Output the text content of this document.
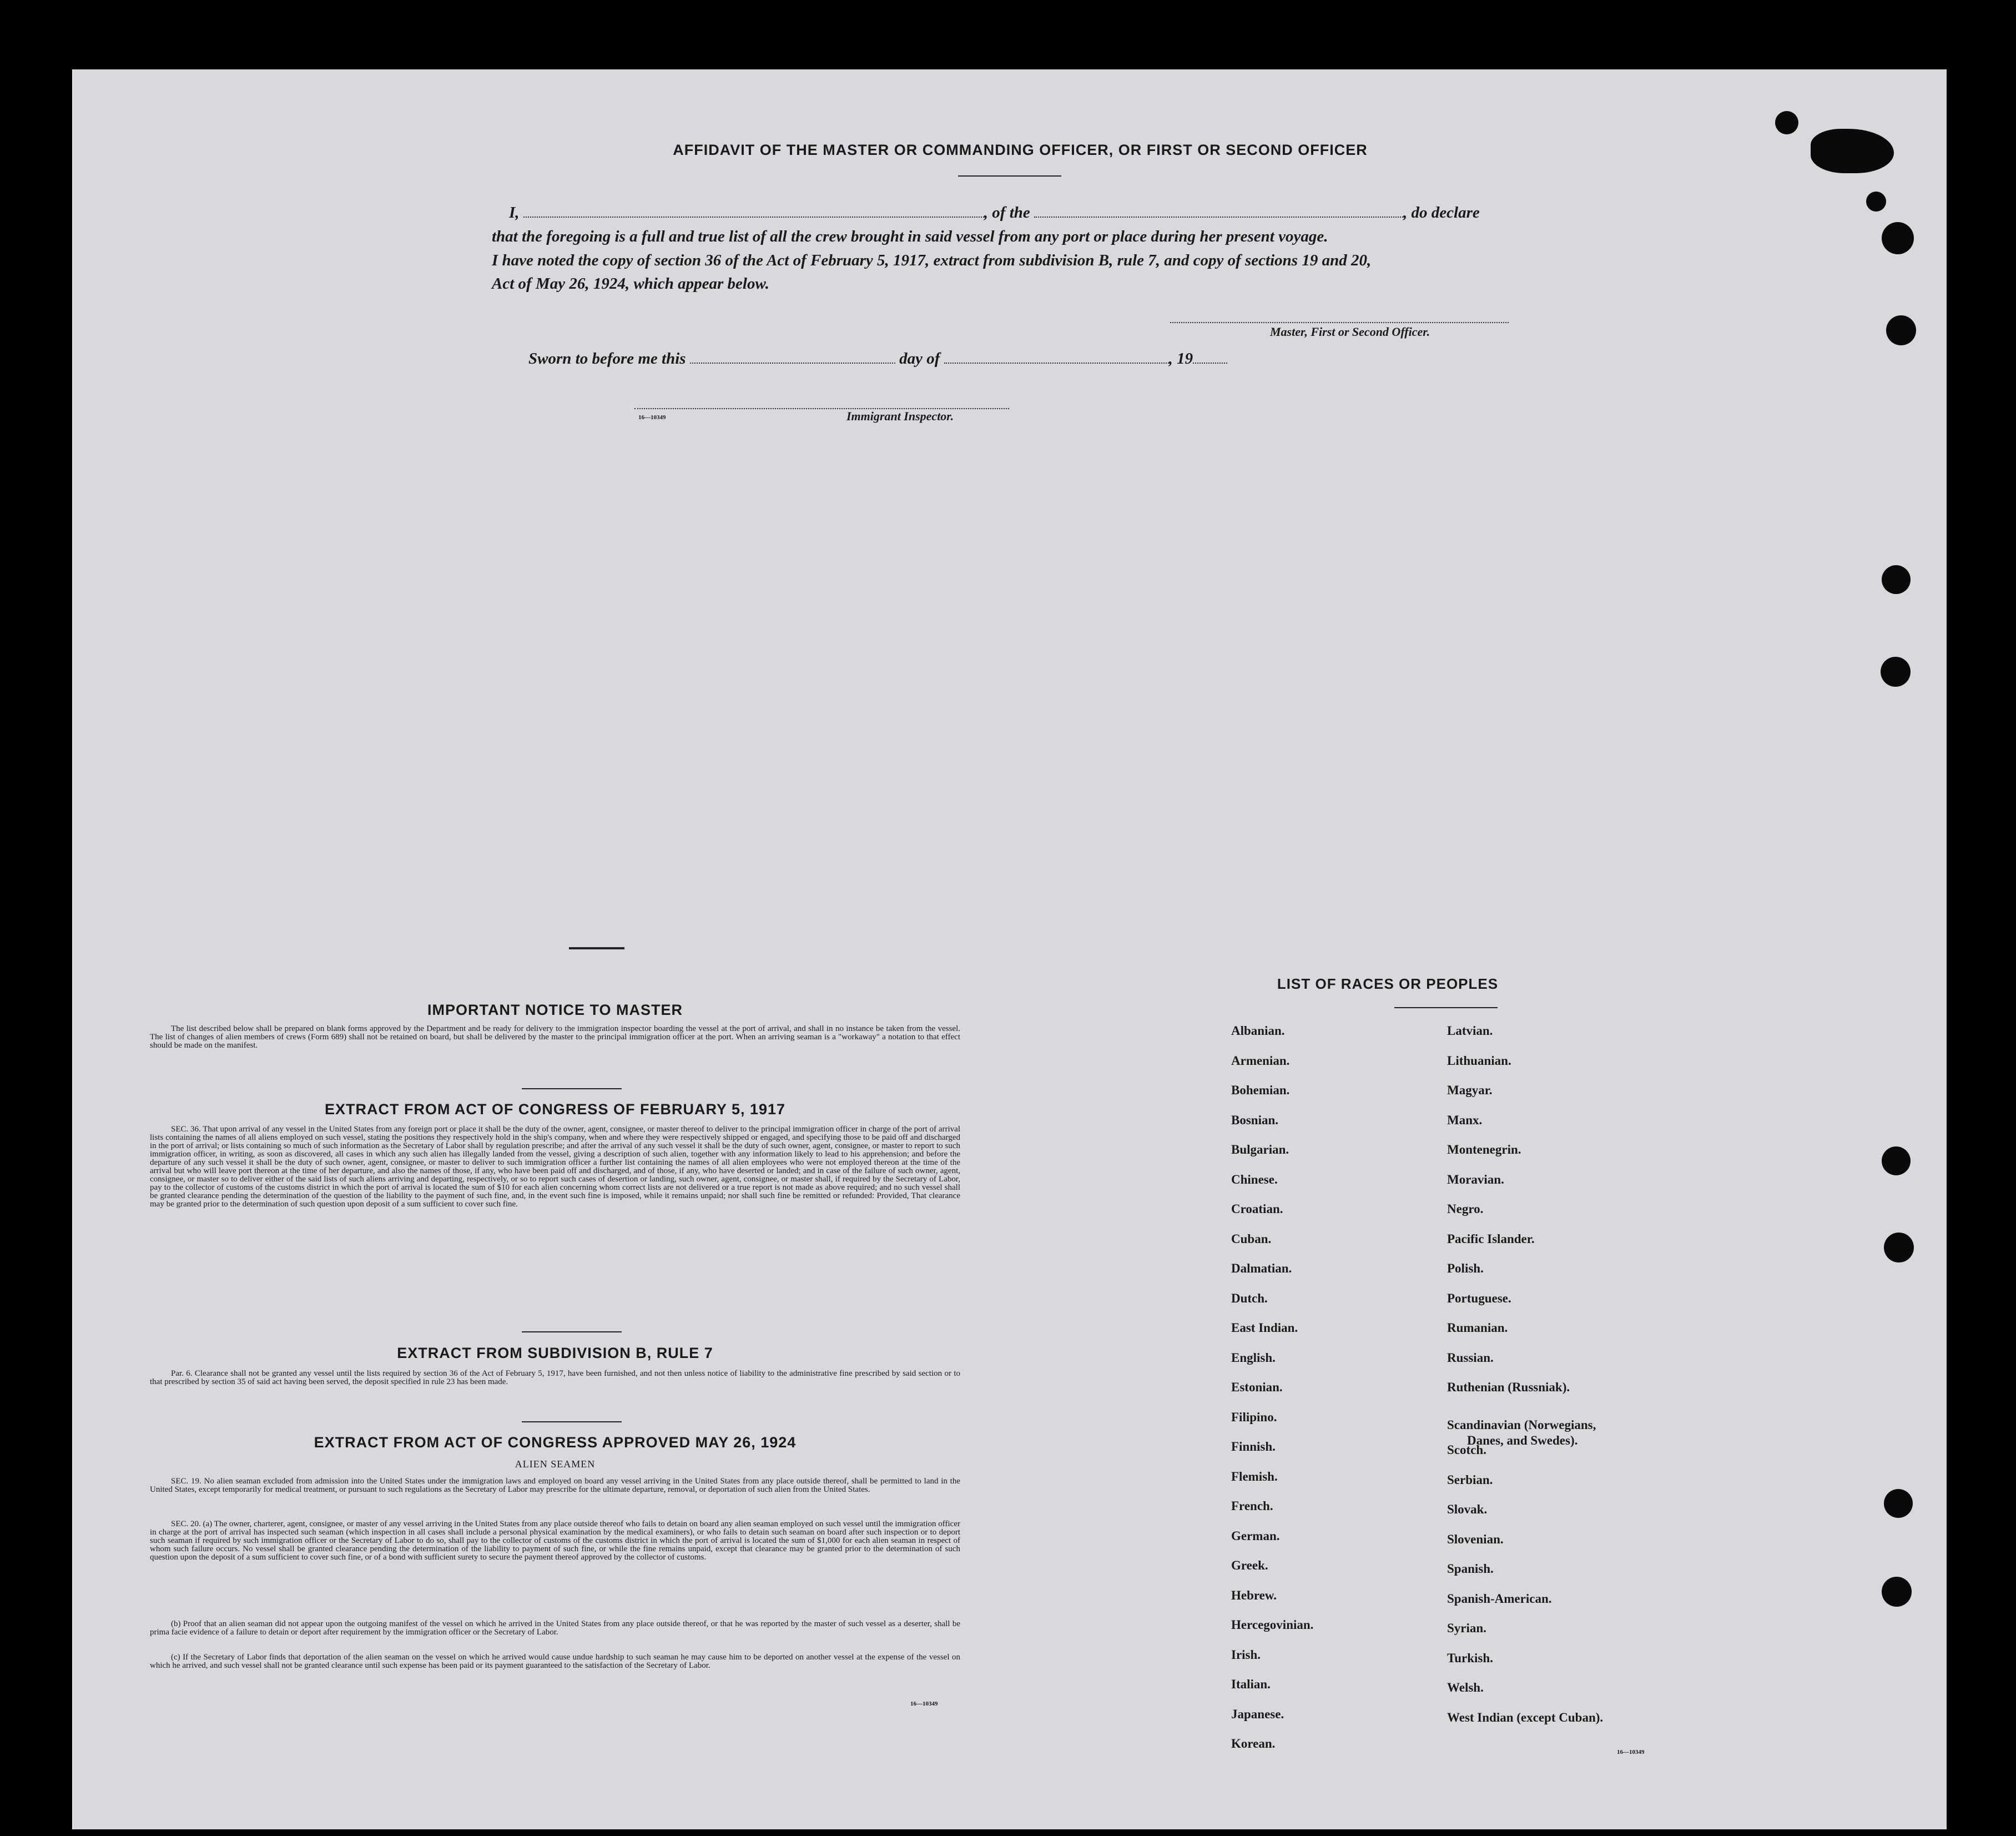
AFFIDAVIT OF THE MASTER OR COMMANDING OFFICER, OR FIRST OR SECOND OFFICER
I,	, of the	, do declare
that the foregoing is a full and true list of all the crew brought in said vessel from any port or place during her present voyage.
I have noted the copy of section 36 of the Act of February 5, 1917, extract from subdivision B, rule 7, and copy of sections 19 and 20,
Act of May 26, 1924, which appear below.
Master, First or Second Officer.
Sworn to before me this	day of	, 19
16—10349	Immigrant Inspector.
IMPORTANT NOTICE TO MASTER

The list described below shall be prepared on blank forms approved by the Department and be ready for delivery to the immigration inspector boarding the vessel at the port of arrival, and shall in no instance be taken from the vessel. The list of changes of alien members of crews (Form 689) shall not be retained on board, but shall be delivered by the master to the principal immigration officer at the port. When an arriving seaman is a "workaway" a notation to that effect should be made on the manifest.

EXTRACT FROM ACT OF CONGRESS OF FEBRUARY 5, 1917

SEC. 36. That upon arrival of any vessel in the United States from any foreign port or place it shall be the duty of the owner, agent, consignee, or master thereof to deliver to the principal immigration officer in charge of the port of arrival lists containing the names of all aliens employed on such vessel, stating the positions they respectively hold in the ship's company, when and where they were respectively shipped or engaged, and specifying those to be paid off and discharged in the port of arrival; or lists containing so much of such information as the Secretary of Labor shall by regulation prescribe; and after the arrival of any such vessel it shall be the duty of such owner, agent, consignee, or master to report to such immigration officer, in writing, as soon as discovered, all cases in which any such alien has illegally landed from the vessel, giving a description of such alien, together with any information likely to lead to his apprehension; and before the departure of any such vessel it shall be the duty of such owner, agent, consignee, or master to deliver to such immigration officer a further list containing the names of all alien employees who were not employed thereon at the time of the arrival but who will leave port thereon at the time of her departure, and also the names of those, if any, who have been paid off and discharged, and of those, if any, who have deserted or landed; and in case of the failure of such owner, agent, consignee, or master so to deliver either of the said lists of such aliens arriving and departing, respectively, or so to report such cases of desertion or landing, such owner, agent, consignee, or master shall, if required by the Secretary of Labor, pay to the collector of customs of the customs district in which the port of arrival is located the sum of $10 for each alien concerning whom correct lists are not delivered or a true report is not made as above required; and no such vessel shall be granted clearance pending the determination of the question of the liability to the payment of such fine, and, in the event such fine is imposed, while it remains unpaid; nor shall such fine be remitted or refunded: Provided, That clearance may be granted prior to the determination of such question upon deposit of a sum sufficient to cover such fine.

EXTRACT FROM SUBDIVISION B, RULE 7

Par. 6. Clearance shall not be granted any vessel until the lists required by section 36 of the Act of February 5, 1917, have been furnished, and not then unless notice of liability to the administrative fine prescribed by said section or to that prescribed by section 35 of said act having been served, the deposit specified in rule 23 has been made.

EXTRACT FROM ACT OF CONGRESS APPROVED MAY 26, 1924
ALIEN SEAMEN

SEC. 19. No alien seaman excluded from admission into the United States under the immigration laws and employed on board any vessel arriving in the United States from any place outside thereof, shall be permitted to land in the United States, except temporarily for medical treatment, or pursuant to such regulations as the Secretary of Labor may prescribe for the ultimate departure, removal, or deportation of such alien from the United States.

SEC. 20. (a) The owner, charterer, agent, consignee, or master of any vessel arriving in the United States from any place outside thereof who fails to detain on board any alien seaman employed on such vessel until the immigration officer in charge at the port of arrival has inspected such seaman (which inspection in all cases shall include a personal physical examination by the medical examiners), or who fails to detain such seaman on board after such inspection or to deport such seaman if required by such immigration officer or the Secretary of Labor to do so, shall pay to the collector of customs of the customs district in which the port of arrival is located the sum of $1,000 for each alien seaman in respect of whom such failure occurs. No vessel shall be granted clearance pending the determination of the liability to payment of such fine, or while the fine remains unpaid, except that clearance may be granted prior to the determination of such question upon the deposit of a sum sufficient to cover such fine, or of a bond with sufficient surety to secure the payment thereof approved by the collector of customs.

(b) Proof that an alien seaman did not appear upon the outgoing manifest of the vessel on which he arrived in the United States from any place outside thereof, or that he was reported by the master of such vessel as a deserter, shall be prima facie evidence of a failure to detain or deport after requirement by the immigration officer or the Secretary of Labor.

(c) If the Secretary of Labor finds that deportation of the alien seaman on the vessel on which he arrived would cause undue hardship to such seaman he may cause him to be deported on another vessel at the expense of the vessel on which he arrived, and such vessel shall not be granted clearance until such expense has been paid or its payment guaranteed to the satisfaction of the Secretary of Labor.

16—10349
LIST OF RACES OR PEOPLES
Albanian.
Armenian.
Bohemian.
Bosnian.
Bulgarian.
Chinese.
Croatian.
Cuban.
Dalmatian.
Dutch.
East Indian.
English.
Estonian.
Filipino.
Finnish.
Flemish.
French.
German.
Greek.
Hebrew.
Hercegovinian.
Irish.
Italian.
Japanese.
Korean.
Latvian.
Lithuanian.
Magyar.
Manx.
Montenegrin.
Moravian.
Negro.
Pacific Islander.
Polish.
Portuguese.
Rumanian.
Russian.
Ruthenian (Russniak).
Scandinavian (Norwegians,
Danes, and Swedes).
Scotch.
Serbian.
Slovak.
Slovenian.
Spanish.
Spanish-American.
Syrian.
Turkish.
Welsh.
West Indian (except Cuban).
16—10349
